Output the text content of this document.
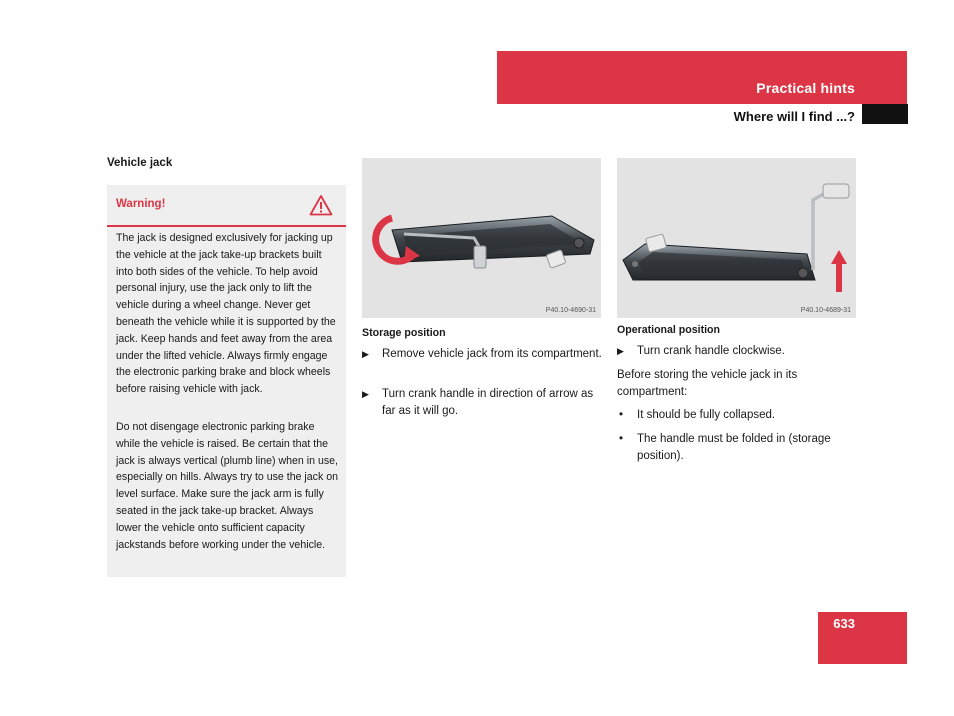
Practical hints
Where will I find ...?
Vehicle jack
Warning!
The jack is designed exclusively for jacking up the vehicle at the jack take-up brackets built into both sides of the vehicle. To help avoid personal injury, use the jack only to lift the vehicle during a wheel change. Never get beneath the vehicle while it is supported by the jack. Keep hands and feet away from the area under the lifted vehicle. Always firmly engage the electronic parking brake and block wheels before raising vehicle with jack.
Do not disengage electronic parking brake while the vehicle is raised. Be certain that the jack is always vertical (plumb line) when in use, especially on hills. Always try to use the jack on level surface. Make sure the jack arm is fully seated in the jack take-up bracket. Always lower the vehicle onto sufficient capacity jackstands before working under the vehicle.
P40.10-4690-31
Storage position
▶ Remove vehicle jack from its compartment.
▶ Turn crank handle in direction of arrow as far as it will go.
P40.10-4689-31
Operational position
▶ Turn crank handle clockwise.
Before storing the vehicle jack in its compartment:
• It should be fully collapsed.
• The handle must be folded in (storage position).
633
